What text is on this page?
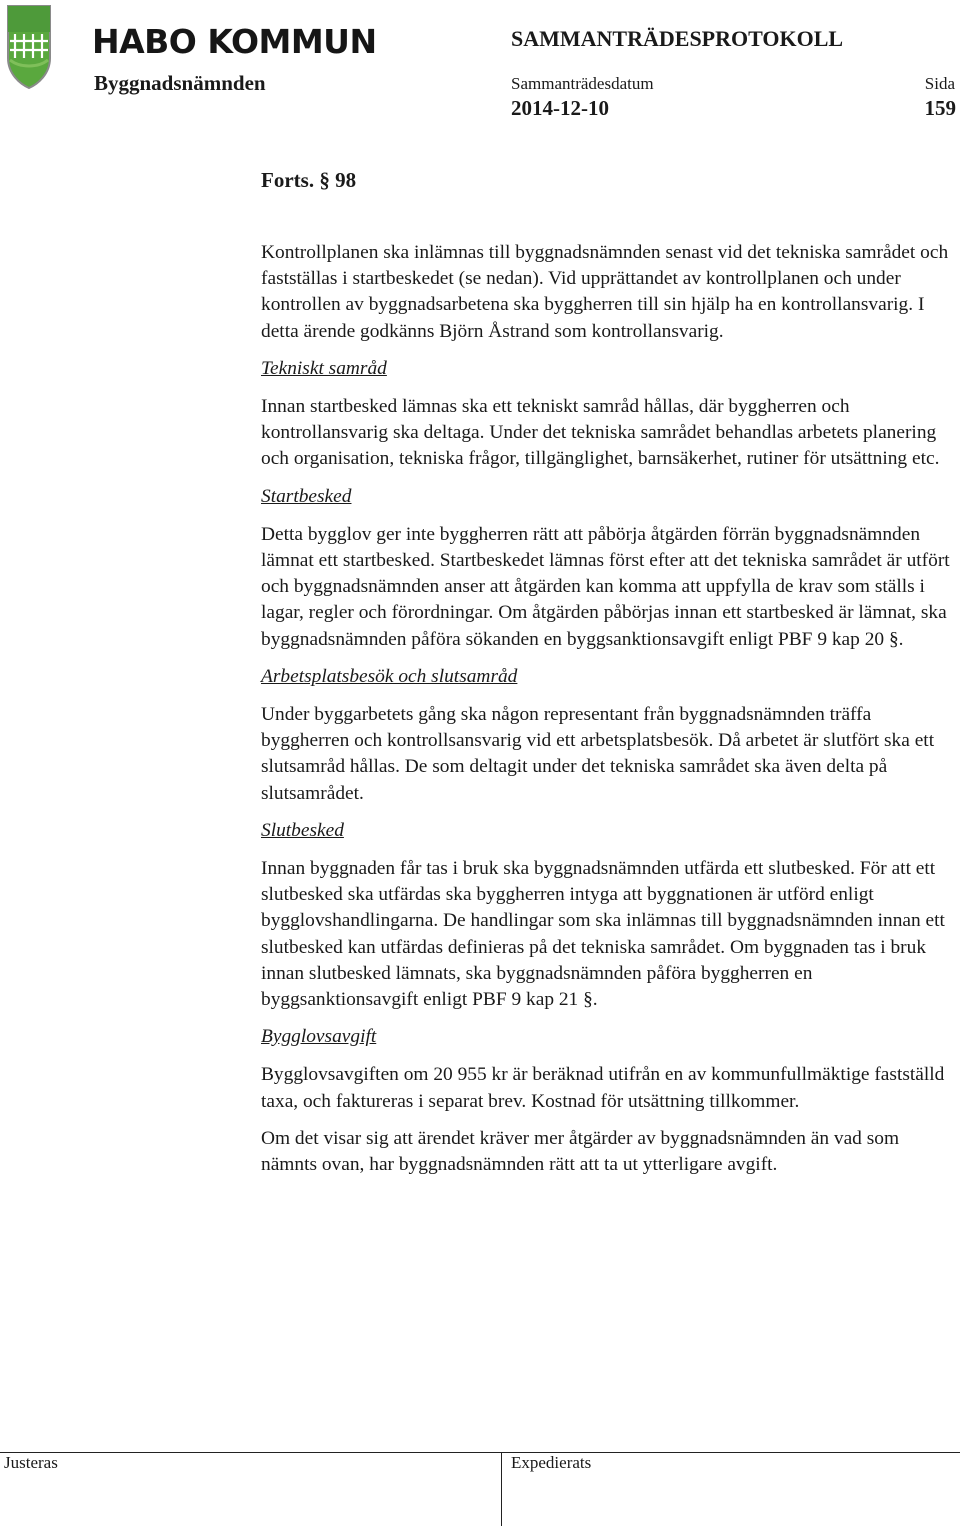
HABO KOMMUN	SAMMANTRÄDESPROTOKOLL
Byggnadsnämnden	Sammanträdesdatum
2014-12-10
Sida
159
Forts. § 98

Kontrollplanen ska inlämnas till byggnadsnämnden senast vid det tekniska samrådet och fastställas i startbeskedet (se nedan). Vid upprättandet av kontrollplanen och under kontrollen av byggnadsarbetena ska byggherren till sin hjälp ha en kontrollansvarig. I detta ärende godkänns Björn Åstrand som kontrollansvarig.

Tekniskt samråd

Innan startbesked lämnas ska ett tekniskt samråd hållas, där byggherren och kontrollansvarig ska deltaga. Under det tekniska samrådet behandlas arbetets planering och organisation, tekniska frågor, tillgänglighet, barnsäkerhet, rutiner för utsättning etc.

Startbesked

Detta bygglov ger inte byggherren rätt att påbörja åtgärden förrän byggnadsnämnden lämnat ett startbesked. Startbeskedet lämnas först efter att det tekniska samrådet är utfört och byggnadsnämnden anser att åtgärden kan komma att uppfylla de krav som ställs i lagar, regler och förordningar. Om åtgärden påbörjas innan ett startbesked är lämnat, ska byggnadsnämnden påföra sökanden en byggsanktionsavgift enligt PBF 9 kap 20 §.

Arbetsplatsbesök och slutsamråd

Under byggarbetets gång ska någon representant från byggnadsnämnden träffa byggherren och kontrollsansvarig vid ett arbetsplatsbesök. Då arbetet är slutfört ska ett slutsamråd hållas. De som deltagit under det tekniska samrådet ska även delta på slutsamrådet.

Slutbesked

Innan byggnaden får tas i bruk ska byggnadsnämnden utfärda ett slutbesked. För att ett slutbesked ska utfärdas ska byggherren intyga att byggnationen är utförd enligt bygglovshandlingarna. De handlingar som ska inlämnas till byggnadsnämnden innan ett slutbesked kan utfärdas definieras på det tekniska samrådet. Om byggnaden tas i bruk innan slutbesked lämnats, ska byggnadsnämnden påföra byggherren en byggsanktionsavgift enligt PBF 9 kap 21 §.

Bygglovsavgift

Bygglovsavgiften om 20 955 kr är beräknad utifrån en av kommunfullmäktige fastställd taxa, och faktureras i separat brev. Kostnad för utsättning tillkommer.

Om det visar sig att ärendet kräver mer åtgärder av byggnadsnämnden än vad som nämnts ovan, har byggnadsnämnden rätt att ta ut ytterligare avgift.

Justeras	Expedierats
